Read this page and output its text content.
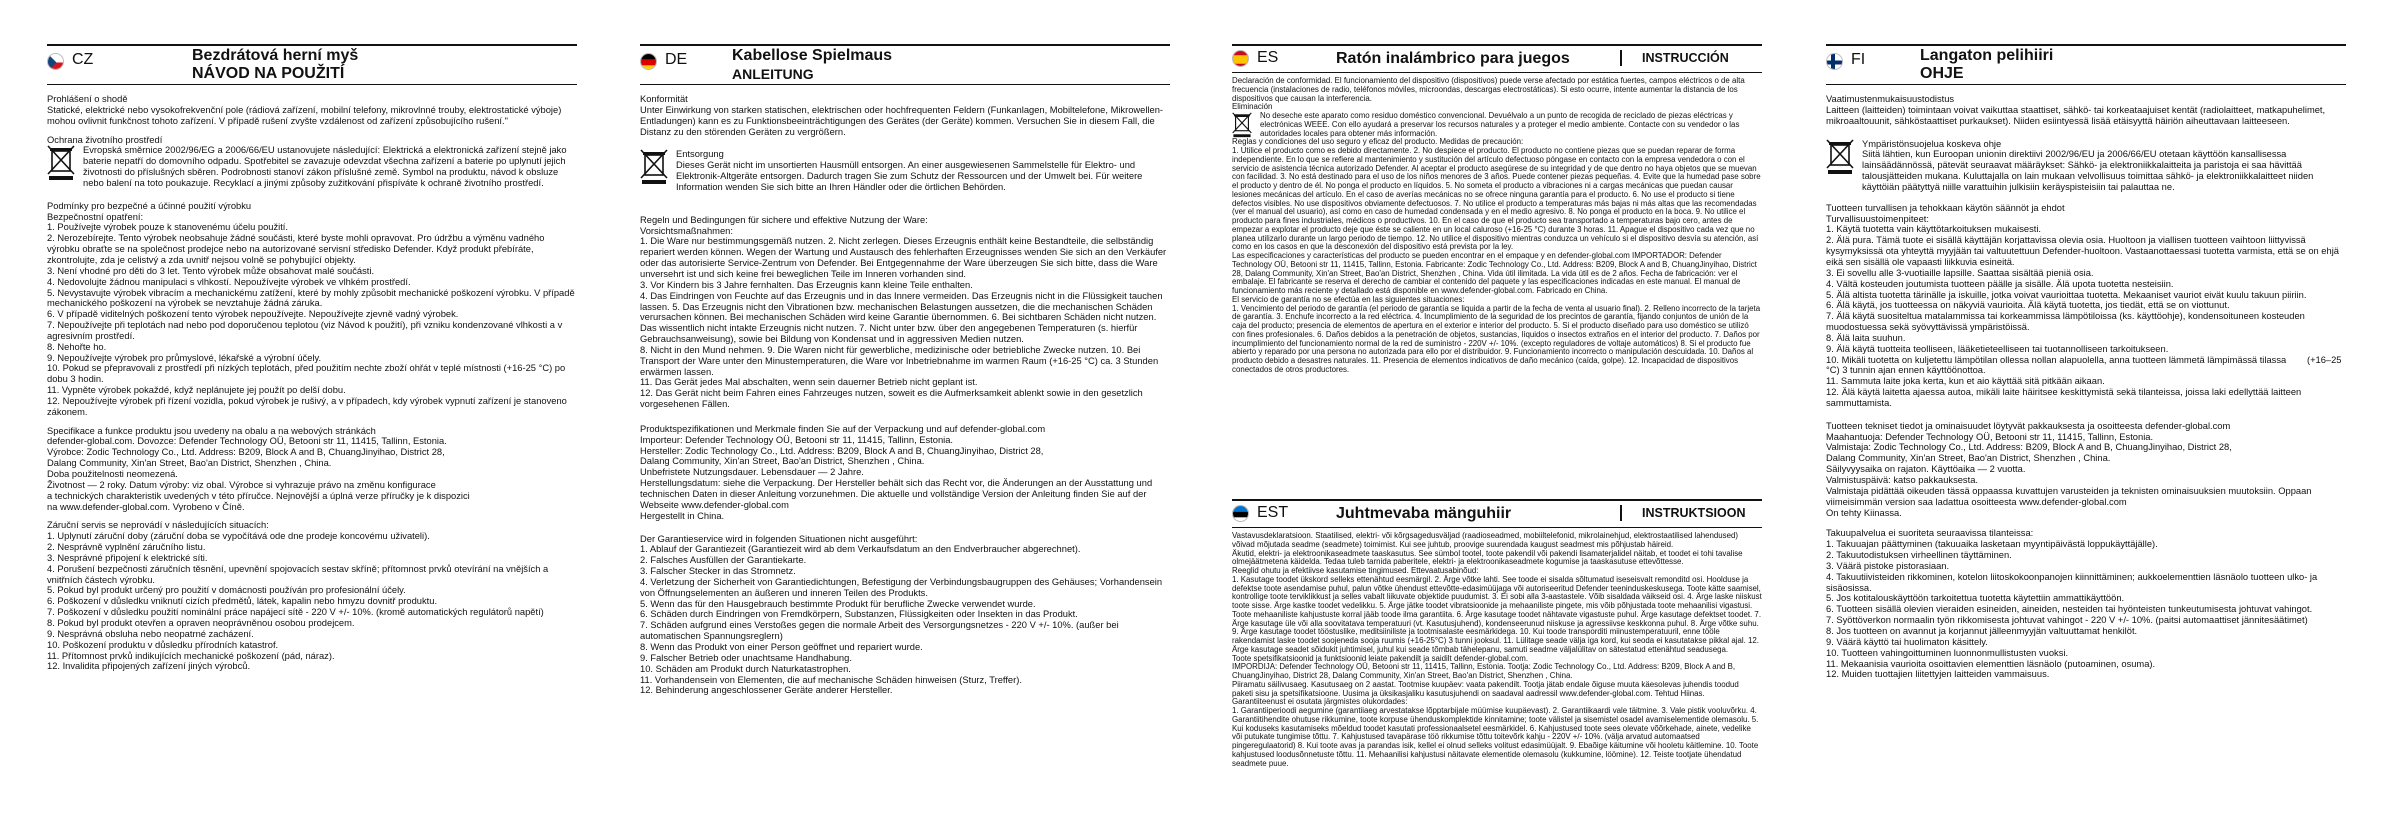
CZ	Bezdrátová herní myš
NÁVOD NA POUŽITÍ
Prohlášení o shodě
Statické, elektrické nebo vysokofrekvenční pole (rádiová zařízení, mobilní telefony, mikrovlnné trouby, elektrostatické výboje) mohou ovlivnit funkčnost tohoto zařízení. V případě rušení zvyšte vzdálenost od zařízení způsobujícího rušení."
Ochrana životního prostředí
Evropská směrnice 2002/96/EG a 2006/66/EU ustanovujete následující: Elektrická a elektronická zařízení stejně jako baterie nepatří do domovního odpadu. Spotřebitel se zavazuje odevzdat všechna zařízení a baterie po uplynutí jejich životnosti do příslušných sběren. Podrobnosti stanoví zákon příslušné země. Symbol na produktu, návod k obsluze nebo balení na toto poukazuje. Recyklací a jinými způsoby zužitkování přispíváte k ochraně životního prostředí.
Podmínky pro bezpečné a účinné použití výrobku
Bezpečnostní opatření:
1. Používejte výrobek pouze k stanovenému účelu použití.
2. Nerozebírejte. Tento výrobek neobsahuje žádné součásti, které byste mohli opravovat. Pro údržbu a výměnu vadného výrobku obraťte se na společnost prodejce nebo na autorizované servisní středisko Defender. Když produkt přebíráte, zkontrolujte, zda je celistvý a zda uvnitř nejsou volně se pohybující objekty.
3. Není vhodné pro děti do 3 let. Tento výrobek může obsahovat malé součásti.
4. Nedovolujte žádnou manipulaci s vlhkostí. Nepoužívejte výrobek ve vlhkém prostředí.
5. Nevystavujte výrobek vibracím a mechanickému zatížení, které by mohly způsobit mechanické poškození výrobku. V případě mechanického poškození na výrobek se nevztahuje žádná záruka.
6. V případě viditelných poškození tento výrobek nepoužívejte. Nepoužívejte zjevně vadný výrobek.
7. Nepoužívejte při teplotách nad nebo pod doporučenou teplotou (viz Návod k použití), při vzniku kondenzované vlhkosti a v agresivním prostředí.
8. Nehořte ho.
9. Nepoužívejte výrobek pro průmyslové, lékařské a výrobní účely.
10. Pokud se přepravovali z prostředí při nízkých teplotách, před použitím nechte zboží ohřát v teplé místnosti (+16-25 °C) po dobu 3 hodin.
11. Vypněte výrobek pokaždé, když neplánujete jej použít po delší dobu.
12. Nepoužívejte výrobek při řízení vozidla, pokud výrobek je rušivý, a v případech, kdy výrobek vypnutí zařízení je stanoveno zákonem.
Specifikace a funkce produktu jsou uvedeny na obalu a na webových stránkách
defender-global.com. Dovozce: Defender Technology OÜ, Betooni str 11, 11415, Tallinn, Estonia.
Výrobce: Zodic Technology Co., Ltd. Address: B209, Block A and B, ChuangJinyihao, District 28,
Dalang Community, Xin'an Street, Bao'an District, Shenzhen , China.
Doba použitelnosti neomezená.
Životnost — 2 roky. Datum výroby: viz obal. Výrobce si vyhrazuje právo na změnu konfigurace
a technických charakteristik uvedených v této příručce. Nejnovější a úplná verze příručky je k dispozici
na www.defender-global.com. Vyrobeno v Číně.
Záruční servis se neprovádí v následujících situacích:
1. Uplynutí záruční doby (záruční doba se vypočítává ode dne prodeje koncovému uživateli).
2. Nesprávně vyplnění záručního listu.
3. Nesprávné připojení k elektrické síti.
4. Porušení bezpečnosti záručních těsnění, upevnění spojovacích sestav skříně; přítomnost prvků otevírání na vnějších a vnitřních částech výrobku.
5. Pokud byl produkt určený pro použití v domácnosti používán pro profesionální účely.
6. Poškození v důsledku vniknutí cizích předmětů, látek, kapalin nebo hmyzu dovnitř produktu.
7. Poškození v důsledku použití nominální práce napájecí sítě - 220 V +/- 10%. (kromě automatických regulátorů napětí)
8. Pokud byl produkt otevřen a opraven neoprávněnou osobou prodejcem.
9. Nesprávná obsluha nebo neopatrné zacházení.
10. Poškození produktu v důsledku přírodních katastrof.
11. Přítomnost prvků indikujících mechanické poškození (pád, náraz).
12. Invalidita připojených zařízení jiných výrobců.
DE	Kabellose Spielmaus
ANLEITUNG
Konformität
Unter Einwirkung von starken statischen, elektrischen oder hochfrequenten Feldern (Funkanlagen, Mobiltelefone, Mikrowellen-Entladungen) kann es zu Funktionsbeeinträchtigungen des Gerätes (der Geräte) kommen. Versuchen Sie in diesem Fall, die Distanz zu den störenden Geräten zu vergrößern.
Entsorgung
Dieses Gerät nicht im unsortierten Hausmüll entsorgen. An einer ausgewiesenen Sammelstelle für Elektro- und Elektronik-Altgeräte entsorgen. Dadurch tragen Sie zum Schutz der Ressourcen und der Umwelt bei. Für weitere Information wenden Sie sich bitte an Ihren Händler oder die örtlichen Behörden.
Regeln und Bedingungen für sichere und effektive Nutzung der Ware:
Vorsichtsmaßnahmen:
1. Die Ware nur bestimmungsgemäß nutzen. 2. Nicht zerlegen. Dieses Erzeugnis enthält keine Bestandteile, die selbständig repariert werden können. Wegen der Wartung und Austausch des fehlerhaften Erzeugnisses wenden Sie sich an den Verkäufer oder das autorisierte Service-Zentrum von Defender. Bei Entgegennahme der Ware überzeugen Sie sich bitte, dass die Ware unversehrt ist und sich keine frei beweglichen Teile im Inneren vorhanden sind.
3. Vor Kindern bis 3 Jahre fernhalten. Das Erzeugnis kann kleine Teile enthalten.
4. Das Eindringen von Feuchte auf das Erzeugnis und in das Innere vermeiden. Das Erzeugnis nicht in die Flüssigkeit tauchen lassen. 5. Das Erzeugnis nicht den Vibrationen bzw. mechanischen Belastungen aussetzen, die die mechanischen Schäden verursachen können. Bei mechanischen Schäden wird keine Garantie übernommen. 6. Bei sichtbaren Schäden nicht nutzen. Das wissentlich nicht intakte Erzeugnis nicht nutzen. 7. Nicht unter bzw. über den angegebenen Temperaturen (s. hierfür Gebrauchsanweisung), sowie bei Bildung von Kondensat und in aggressiven Medien nutzen.
8. Nicht in den Mund nehmen. 9. Die Waren nicht für gewerbliche, medizinische oder betriebliche Zwecke nutzen. 10. Bei Transport der Ware unter den Minustemperaturen, die Ware vor Inbetriebnahme im warmen Raum (+16-25 °C) ca. 3 Stunden erwärmen lassen.
11. Das Gerät jedes Mal abschalten, wenn sein dauerner Betrieb nicht geplant ist.
12. Das Gerät nicht beim Fahren eines Fahrzeuges nutzen, soweit es die Aufmerksamkeit ablenkt sowie in den gesetzlich vorgesehenen Fällen.
Produktspezifikationen und Merkmale finden Sie auf der Verpackung und auf defender-global.com
Importeur: Defender Technology OÜ, Betooni str 11, 11415, Tallinn, Estonia.
Hersteller: Zodic Technology Co., Ltd. Address: B209, Block A and B, ChuangJinyihao, District 28,
Dalang Community, Xin'an Street, Bao'an District, Shenzhen , China.
Unbefristete Nutzungsdauer. Lebensdauer — 2 Jahre.
Herstellungsdatum: siehe die Verpackung. Der Hersteller behält sich das Recht vor, die Änderungen an der Ausstattung und technischen Daten in dieser Anleitung vorzunehmen. Die aktuelle und vollständige Version der Anleitung finden Sie auf der Webseite www.defender-global.com
Hergestellt in China.
Der Garantieservice wird in folgenden Situationen nicht ausgeführt:
1. Ablauf der Garantiezeit (Garantiezeit wird ab dem Verkaufsdatum an den Endverbraucher abgerechnet).
2. Falsches Ausfüllen der Garantiekarte.
3. Falscher Stecker in das Stromnetz.
4. Verletzung der Sicherheit von Garantiedichtungen, Befestigung der Verbindungsbaugruppen des Gehäuses; Vorhandensein von Öffnungselementen an äußeren und inneren Teilen des Produkts.
5. Wenn das für den Hausgebrauch bestimmte Produkt für berufliche Zwecke verwendet wurde.
6. Schäden durch Eindringen von Fremdkörpern, Substanzen, Flüssigkeiten oder Insekten in das Produkt.
7. Schäden aufgrund eines Verstoßes gegen die normale Arbeit des Versorgungsnetzes - 220 V +/- 10%. (außer bei automatischen Spannungsreglern)
8. Wenn das Produkt von einer Person geöffnet und repariert wurde.
9. Falscher Betrieb oder unachtsame Handhabung.
10. Schäden am Produkt durch Naturkatastrophen.
11. Vorhandensein von Elementen, die auf mechanische Schäden hinweisen (Sturz, Treffer).
12. Behinderung angeschlossener Geräte anderer Hersteller.
ES	Ratón inalámbrico para juegos	INSTRUCCIÓN
Declaración de conformidad. El funcionamiento del dispositivo (dispositivos) puede verse afectado por estática fuertes, campos eléctricos o de alta frecuencia (instalaciones de radio, teléfonos móviles, microondas, descargas electrostáticas). Si esto ocurre, intente aumentar la distancia de los dispositivos que causan la interferencia.
Eliminación
No deseche este aparato como residuo doméstico convencional. Devuélvalo a un punto de recogida de reciclado de piezas eléctricas y electrónicas WEEE. Con ello ayudará a preservar los recursos naturales y a proteger el medio ambiente. Contacte con su vendedor o las autoridades locales para obtener más información.
Reglas y condiciones del uso seguro y eficaz del producto. Medidas de precaución:
1. Utilice el producto como es debido directamente. 2. No despiece el producto. El producto no contiene piezas que se puedan reparar de forma independiente. En lo que se refiere al mantenimiento y sustitución del artículo defectuoso póngase en contacto con la empresa vendedora o con el servicio de asistencia técnica autorizado Defender. Al aceptar el producto asegúrese de su integridad y de que dentro no haya objetos que se muevan con facilidad. 3. No está destinado para el uso de los niños menores de 3 años. Puede contener piezas pequeñas. 4. Evite que la humedad pase sobre el producto y dentro de él. No ponga el producto en líquidos. 5. No someta el producto a vibraciones ni a cargas mecánicas que puedan causar lesiones mecánicas del artículo. En el caso de averías mecánicas no se ofrece ninguna garantía para el producto. 6. No use el producto si tiene defectos visibles. No use dispositivos obviamente defectuosos. 7. No utilice el producto a temperaturas más bajas ni más altas que las recomendadas (ver el manual del usuario), así como en caso de humedad condensada y en el medio agresivo. 8. No ponga el producto en la boca. 9. No utilice el producto para fines industriales, médicos o productivos. 10. En el caso de que el producto sea transportado a temperaturas bajo cero, antes de empezar a explotar el producto deje que éste se caliente en un local caluroso (+16-25 °C) durante 3 horas. 11. Apague el dispositivo cada vez que no planea utilizarlo durante un largo periodo de tiempo. 12. No utilice el dispositivo mientras conduzca un vehículo si el dispositivo desvía su atención, así como en los casos en que la desconexión del dispositivo está prevista por la ley.
Las especificaciones y características del producto se pueden encontrar en el empaque y en defender-global.com IMPORTADOR: Defender Technology OÜ, Betooni str 11, 11415, Tallinn, Estonia. Fabricante: Zodic Technology Co., Ltd. Address: B209, Block A and B, ChuangJinyihao, District 28, Dalang Community, Xin'an Street, Bao'an District, Shenzhen , China. Vida útil ilimitada. La vida útil es de 2 años. Fecha de fabricación: ver el embalaje. El fabricante se reserva el derecho de cambiar el contenido del paquete y las especificaciones indicadas en este manual. El manual de funcionamiento más reciente y detallado está disponible en www.defender-global.com. Fabricado en China.
El servicio de garantía no se efectúa en las siguientes situaciones:
1. Vencimiento del periodo de garantía (el periodo de garantía se liquida a partir de la fecha de venta al usuario final). 2. Relleno incorrecto de la tarjeta de garantía. 3. Enchufe incorrecto a la red eléctrica. 4. Incumplimiento de la seguridad de los precintos de garantía, fijando conjuntos de unión de la caja del producto; presencia de elementos de apertura en el exterior e interior del producto. 5. Si el producto diseñado para uso doméstico se utilizó con fines profesionales. 6. Daños debidos a la penetración de objetos, sustancias, líquidos o insectos extraños en el interior del producto. 7. Daños por incumplimiento del funcionamiento normal de la red de suministro - 220V +/- 10%. (excepto reguladores de voltaje automáticos) 8. Si el producto fue abierto y reparado por una persona no autorizada para ello por el distribuidor. 9. Funcionamiento incorrecto o manipulación descuidada. 10. Daños al producto debido a desastres naturales. 11. Presencia de elementos indicativos de daño mecánico (caída, golpe). 12. Incapacidad de dispositivos conectados de otros productores.
EST	Juhtmevaba mänguhiir	INSTRUKTSIOON
Vastavusdeklaratsioon. Staatilised, elektri- või kõrgsagedusväljad (raadioseadmed, mobiiltelefonid, mikrolainehjud, elektrostaatilised lahendused) võivad mõjutada seadme (seadmete) toimimist. Kui see juhtub, proovige suurendada kaugust seadmest mis põhjustab häireid.
Äkutid, elektri- ja elektroonikaseadmete taaskasutus. See sümbol tootel, toote pakendil või pakendi lisamaterjalidel näitab, et toodet ei tohi tavalise olmejäätmetena käidelda. Tedaa tuleb tarnida paberitele, elektri- ja elektroonikaseadmete kogumise ja taaskasutuse ettevõttesse.
Reeglid ohutu ja efektiivse kasutamise tingimused. Ettevaatusabinõud:
1. Kasutage toodet ükskord selleks ettenähtud eesmärgil. 2. Ärge võtke lahti. See toode ei sisalda sõltumatud iseseisvalt remonditd osi. Hoolduse ja defektse toote asendamise puhul, palun võtke ühendust ettevõtte-edasimüüjaga või autoriseeritud Defender teeninduskeskusega. Toote kätte saamisel, kontrollige toote terviklikkust ja selles vabalt liikuvate objektide puudumist. 3. Ei sobi alla 3-aastastele. Võib sisaldada väikseid osi. 4. Ärge laske niiskust toote sisse. Ärge kastke toodet vedelikku. 5. Ärge jätke toodet vibratsioonide ja mehaaniliste pingete, mis võib põhjustada toote mehaanilisi vigastusi. Toote mehaaniliste kahjustuste korral jääb toode ilma garantiita. 6. Ärge kasutage toodet nähtavate vigastuste puhul. Ärge kasutage defektset toodet. 7. Ärge kasutage üle või alla soovitatava temperatuuri (vt. Kasutusjuhend), kondenseerunud niiskuse ja agressiivse keskkonna puhul. 8. Ärge võtke suhu. 9. Ärge kasutage toodet tööstuslike, meditsiiniliste ja tootmisalaste eesmärkidega. 10. Kui toode transporditi miinustemperatuuril, enne tööle rakendamist laske toodet soojeneda sooja ruumis (+16-25°C) 3 tunni jooksul. 11. Lülitage seade välja iga kord, kui seoda ei kasutatakse pikkal ajal. 12. Ärge kasutage seadet sõidukit juhtimisel, juhul kui seade tõmbab tähelepanu, samuti seadme väljalülitav on sätestatud ettenähtud seadusega.
Toote spetsifikatsioonid ja funktsioonid leiate pakendilt ja saidilt defender-global.com.
IMPORDIJA: Defender Technology OÜ, Betooni str 11, 11415, Tallinn, Estonia. Tootja: Zodic Technology Co., Ltd. Address: B209, Block A and B, ChuangJinyihao, District 28, Dalang Community, Xin'an Street, Bao'an District, Shenzhen , China.
Piiramatu säilivusaeg. Kasutusaeg on 2 aastat. Tootmise kuupäev: vaata pakendilt. Tootja jätab endale õiguse muuta käesolevas juhendis toodud paketi sisu ja spetsifikatsioone. Uusima ja üksikasjaliku kasutusjuhendi on saadaval aadressil www.defender-global.com. Tehtud Hiinas.
Garantiiteenust ei osutata järgmistes olukordades:
1. Garantiiperioodi aegumine (garantiiaeg arvestatakse lõpptarbijale müümise kuupäevast). 2. Garantiikaardi vale täitmine. 3. Vale pistik vooluvõrku. 4. Garantiitihendite ohutuse rikkumine, toote korpuse ühenduskomplektide kinnitamine; toote välistel ja sisemistel osadel avamiselementide olemasolu. 5. Kui koduseks kasutamiseks mõeldud toodet kasutati professionaalsetel eesmärkidel. 6. Kahjustused toote sees olevate võõrkehade, ainete, vedelike või putukate tungimise tõttu. 7. Kahjustused tavapärase töö rikkumise tõttu toitevõrk kahju - 220V +/- 10%. (välja arvatud automaatsed pingeregulaatorid) 8. Kui toote avas ja parandas isik, kellel ei olnud selleks volitust edasimüüjalt. 9. Ebaõige käitumine või hooletu käitlemine. 10. Toote kahjustused loodusõnnetuste tõttu. 11. Mehaanilisi kahjustusi näitavate elementide olemasolu (kukkumine, löömine). 12. Teiste tootjate ühendatud seadmete puue.
FI	Langaton pelihiiri
OHJE
Vaatimustenmukaisuustodistus
Laitteen (laitteiden) toimintaan voivat vaikuttaa staattiset, sähkö- tai korkeataajuiset kentät (radiolaitteet, matkapuhelimet, mikroaaltouunit, sähköstaattiset purkaukset). Niiden esiintyessä lisää etäisyyttä häiriön aiheuttavaan laitteeseen.
Ympäristönsuojelua koskeva ohje
Siitä lähtien, kun Euroopan unionin direktiivi 2002/96/EU ja 2006/66/EU otetaan käyttöön kansallisessa lainsäädännössä, pätevät seuraavat määräykset: Sähkö- ja elektroniikkalaitteita ja paristoja ei saa hävittää talousjätteiden mukana. Kuluttajalla on lain mukaan velvollisuus toimittaa sähkö- ja elektroniikkalaitteet niiden käyttöiän päätyttyä niille varattuihin julkisiin keräyspisteisiin tai palauttaa ne.
Tuotteen turvallisen ja tehokkaan käytön säännöt ja ehdot
Turvallisuustoimenpiteet:
1. Käytä tuotetta vain käyttötarkoituksen mukaisesti.
2. Älä pura. Tämä tuote ei sisällä käyttäjän korjattavissa olevia osia. Huoltoon ja viallisen tuotteen vaihtoon liittyvissä kysymyksissä ota yhteyttä myyjään tai valtuutettuun Defender-huoltoon. Vastaanottaessasi tuotetta varmista, että se on ehjä eikä sen sisällä ole vapaasti liikkuvia esineitä.
3. Ei sovellu alle 3-vuotiaille lapsille. Saattaa sisältää pieniä osia.
4. Vältä kosteuden joutumista tuotteen päälle ja sisälle. Älä upota tuotetta nesteisiin.
5. Älä altista tuotetta tärinälle ja iskuille, jotka voivat vaurioittaa tuotetta. Mekaaniset vauriot eivät kuulu takuun piiriin.
6. Älä käytä, jos tuotteessa on näkyviä vaurioita. Älä käytä tuotetta, jos tiedät, että se on viottunut.
7. Älä käytä suositeltua matalammissa tai korkeammissa lämpötiloissa (ks. käyttöohje), kondensoituneen kosteuden muodostuessa sekä syövyttävissä ympäristöissä.
8. Älä laita suuhun.
9. Älä käytä tuotteita teolliseen, lääketieteelliseen tai tuotannolliseen tarkoitukseen.
10. Mikäli tuotetta on kuljetettu lämpötilan ollessa nollan alapuolella, anna tuotteen lämmetä lämpimässä tilassa        (+16–25 °C) 3 tunnin ajan ennen käyttöönottoa.
11. Sammuta laite joka kerta, kun et aio käyttää sitä pitkään aikaan.
12. Älä käytä laitetta ajaessa autoa, mikäli laite häiritsee keskittymistä sekä tilanteissa, joissa laki edellyttää laitteen sammuttamista.
Tuotteen tekniset tiedot ja ominaisuudet löytyvät pakkauksesta ja osoitteesta defender-global.com
Maahantuoja: Defender Technology OÜ, Betooni str 11, 11415, Tallinn, Estonia.
Valmistaja: Zodic Technology Co., Ltd. Address: B209, Block A and B, ChuangJinyihao, District 28,
Dalang Community, Xin'an Street, Bao'an District, Shenzhen , China.
Säilyvyysaika on rajaton. Käyttöaika — 2 vuotta.
Valmistuspäivä: katso pakkauksesta.
Valmistaja pidättää oikeuden tässä oppaassa kuvattujen varusteiden ja teknisten ominaisuuksien muutoksiin. Oppaan viimeisimmän version saa ladattua osoitteesta www.defender-global.com
On tehty Kiinassa.
Takuupalvelua ei suoriteta seuraavissa tilanteissa:
1. Takuuajan päättyminen (takuuaika lasketaan myyntipäivästä loppukäyttäjälle).
2. Takuutodistuksen virheellinen täyttäminen.
3. Väärä pistoke pistorasiaan.
4. Takuutiivisteiden rikkominen, kotelon liitoskokoonpanojen kiinnittäminen; aukkoelementtien läsnäolo tuotteen ulko- ja sisäosissa.
5. Jos kotitalouskäyttöön tarkoitettua tuotetta käytettiin ammattikäyttöön.
6. Tuotteen sisällä olevien vieraiden esineiden, aineiden, nesteiden tai hyönteisten tunkeutumisesta johtuvat vahingot.
7. Syöttöverkon normaalin työn rikkomisesta johtuvat vahingot - 220 V +/- 10%. (paitsi automaattiset jännitesäätimet)
8. Jos tuotteen on avannut ja korjannut jälleenmyyjän valtuuttamat henkilöt.
9. Väärä käyttö tai huolimaton käsittely.
10. Tuotteen vahingoittuminen luonnonmullistusten vuoksi.
11. Mekaanisia vaurioita osoittavien elementtien läsnäolo (putoaminen, osuma).
12. Muiden tuottajien liitettyjen laitteiden vammaisuus.
